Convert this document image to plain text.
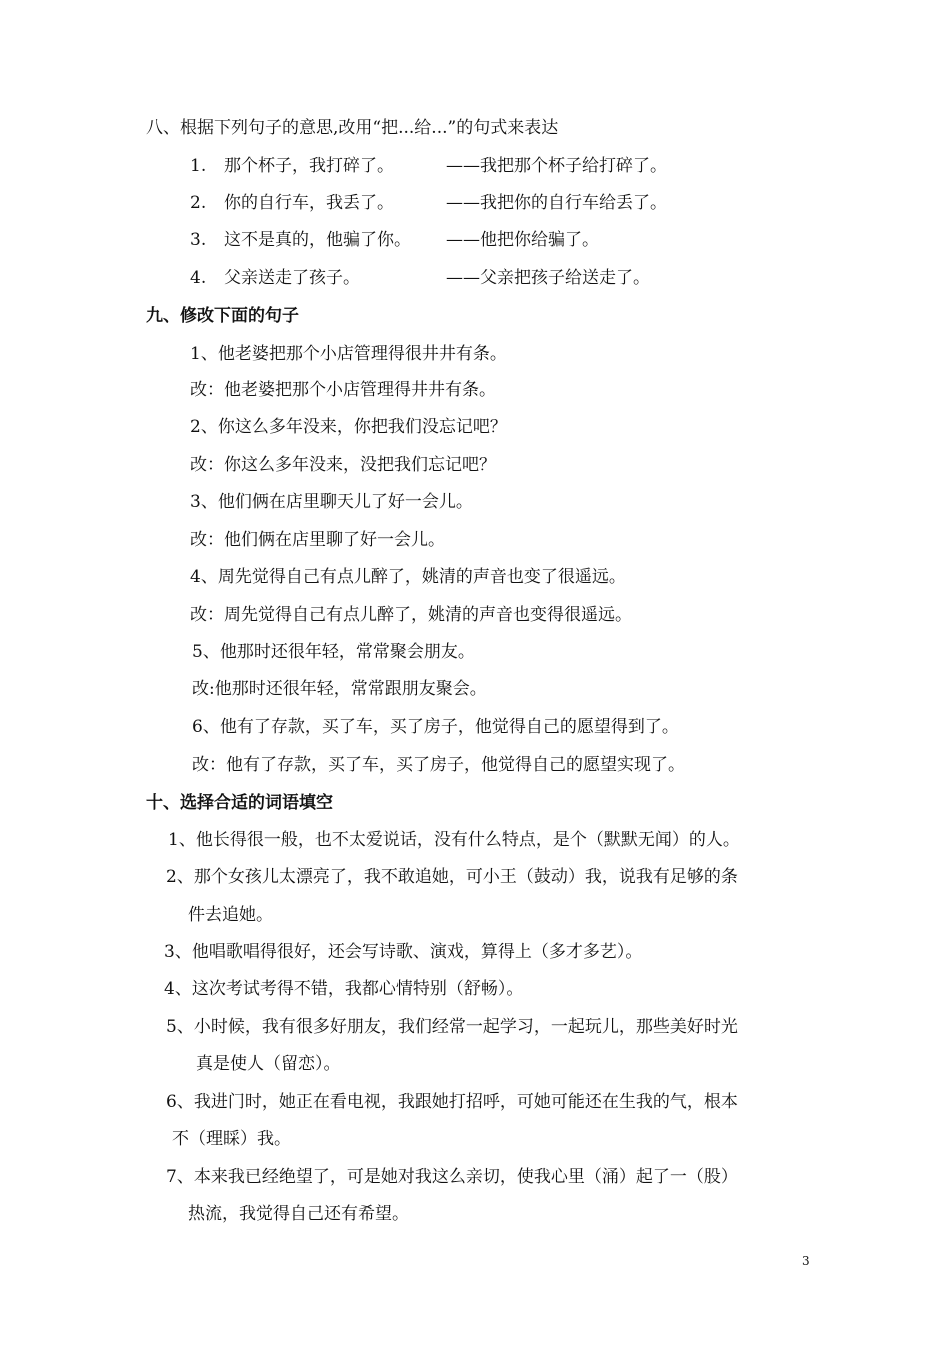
八、根据下列句子的意思,改用“把...给...”的句式来表达
1. 那个杯子，我打碎了。	——我把那个杯子给打碎了。
2. 你的自行车，我丢了。	——我把你的自行车给丢了。
3. 这不是真的，他骗了你。 ——他把你给骗了。
4. 父亲送走了孩子。	——父亲把孩子给送走了。
九、修改下面的句子
1、他老婆把那个小店管理得很井井有条。
改：他老婆把那个小店管理得井井有条。
2、你这么多年没来，你把我们没忘记吧？
改：你这么多年没来，没把我们忘记吧？
3、他们俩在店里聊天儿了好一会儿。
改：他们俩在店里聊了好一会儿。
4、周先觉得自己有点儿醉了，姚清的声音也变了很遥远。
改：周先觉得自己有点儿醉了，姚清的声音也变得很遥远。
5、他那时还很年轻，常常聚会朋友。
改:他那时还很年轻，常常跟朋友聚会。
6、他有了存款，买了车，买了房子，他觉得自己的愿望得到了。
改：他有了存款，买了车，买了房子，他觉得自己的愿望实现了。
十、选择合适的词语填空
1、他长得很一般，也不太爱说话，没有什么特点，是个（默默无闻）的人。
2、那个女孩儿太漂亮了，我不敢追她，可小王（鼓动）我，说我有足够的条
件去追她。
3、他唱歌唱得很好，还会写诗歌、演戏，算得上（多才多艺）。
4、这次考试考得不错，我都心情特别（舒畅）。
5、小时候，我有很多好朋友，我们经常一起学习，一起玩儿，那些美好时光
真是使人（留恋）。
6、我进门时，她正在看电视，我跟她打招呼，可她可能还在生我的气，根本
不（理睬）我。
7、本来我已经绝望了，可是她对我这么亲切，使我心里（涌）起了一（股）
热流，我觉得自己还有希望。
3
